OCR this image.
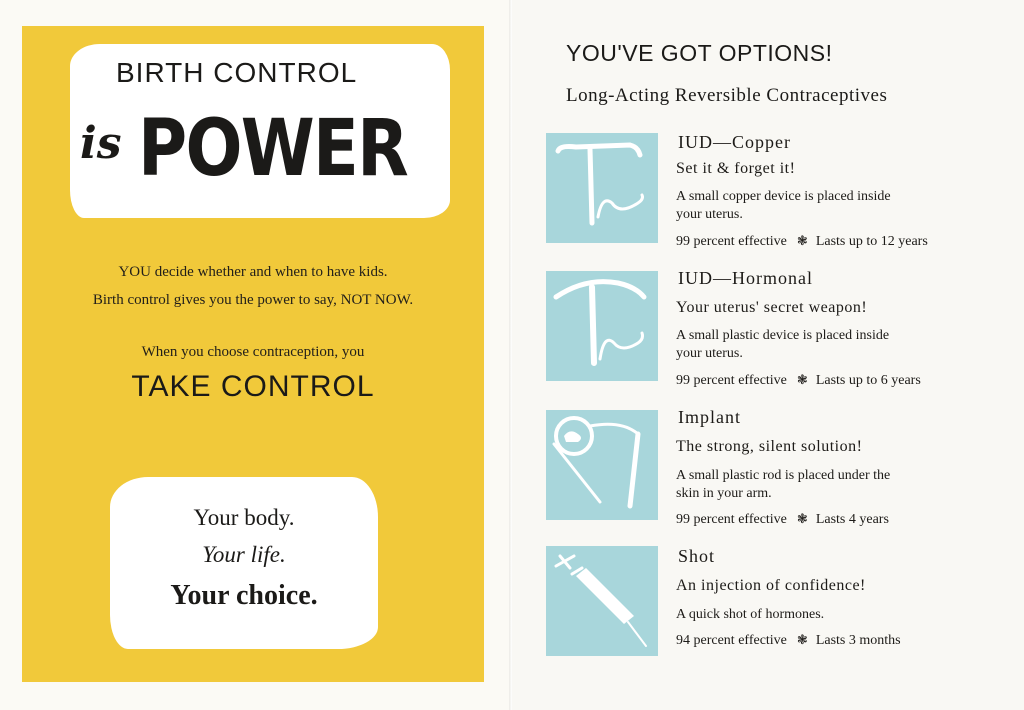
BIRTH CONTROL
is POWER
YOU decide whether and when to have kids.
Birth control gives you the power to say, NOT NOW.
When you choose contraception, you
TAKE CONTROL
Your body.
Your life.
Your choice.
YOU'VE GOT OPTIONS!
Long-Acting Reversible Contraceptives
IUD—Copper
Set it & forget it!
A small copper device is placed inside your uterus.
99 percent effective ❃ Lasts up to 12 years
IUD—Hormonal
Your uterus' secret weapon!
A small plastic device is placed inside your uterus.
99 percent effective ❃ Lasts up to 6 years
Implant
The strong, silent solution!
A small plastic rod is placed under the skin in your arm.
99 percent effective ❃ Lasts 4 years
Shot
An injection of confidence!
A quick shot of hormones.
94 percent effective ❃ Lasts 3 months
